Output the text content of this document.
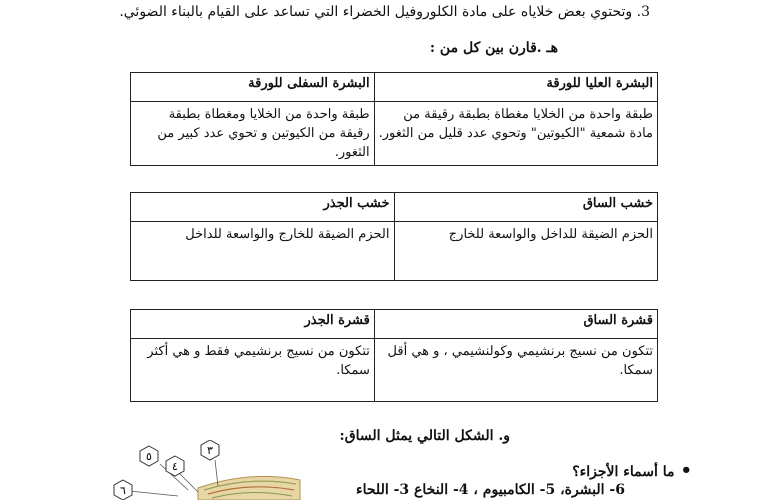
3. وتحتوي بعض خلاياه على مادة الكلوروفيل الخضراء التي تساعد على القيام بالبناء الضوئي.
هـ .قارن بين كل من :
البشرة العليا للورقة	البشرة السفلى للورقة
طبقة واحدة من الخلايا مغطاة بطبقة رقيقة من مادة شمعية "الكيوتين" وتحوي عدد قليل من الثغور.	طبقة واحدة من الخلايا ومغطاة بطبقة رقيقة من الكيوتين و تحوي عدد كبير من الثغور.
خشب الساق	خشب الجذر
الحزم الضيقة للداخل والواسعة للخارج	الحزم الضيقة للخارج والواسعة للداخل
قشرة الساق	قشرة الجذر
تتكون من نسيج برنشيمي وكولنشيمي ، و هي أقل سمكا.	تتكون من نسيج برنشيمي فقط و هي أكثر سمكا.
و. الشكل التالي يمثل الساق:
•ما أسماء الأجزاء؟
6- البشرة، 5- الكامبيوم ، 4- النخاع 3- اللحاء
٥
٤
٣
٦
